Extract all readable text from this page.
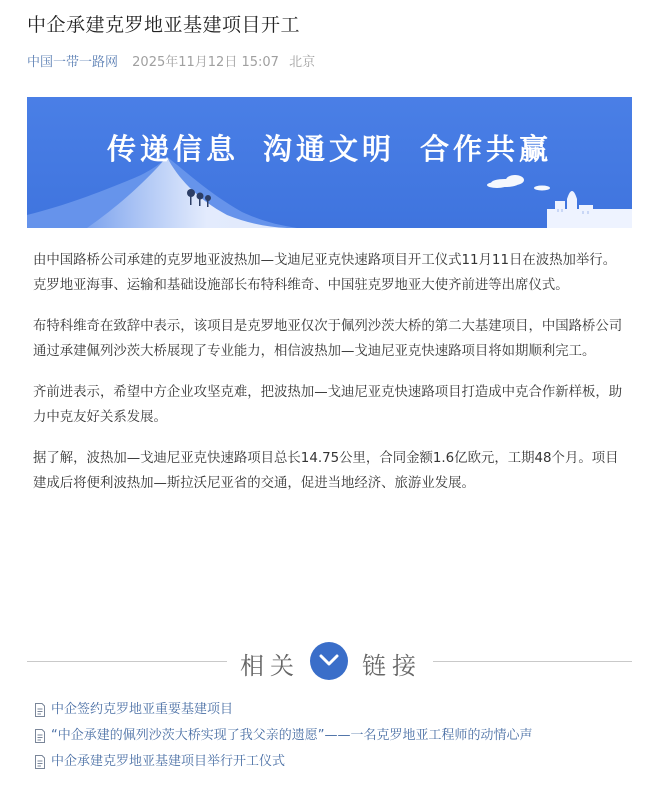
中企承建克罗地亚基建项目开工
中国一带一路网 2025年11月12日 15:07 北京
传递信息 沟通文明 合作共赢

由中国路桥公司承建的克罗地亚波热加—戈迪尼亚克快速路项目开工仪式11月11日在波热加举行。克罗地亚海事、运输和基础设施部长布特科维奇、中国驻克罗地亚大使齐前进等出席仪式。

布特科维奇在致辞中表示，该项目是克罗地亚仅次于佩列沙茨大桥的第二大基建项目，中国路桥公司通过承建佩列沙茨大桥展现了专业能力，相信波热加—戈迪尼亚克快速路项目将如期顺利完工。

齐前进表示，希望中方企业攻坚克难，把波热加—戈迪尼亚克快速路项目打造成中克合作新样板，助力中克友好关系发展。

据了解，波热加—戈迪尼亚克快速路项目总长14.75公里，合同金额1.6亿欧元，工期48个月。项目建成后将便利波热加—斯拉沃尼亚省的交通，促进当地经济、旅游业发展。

相关	链接
中企签约克罗地亚重要基建项目
“中企承建的佩列沙茨大桥实现了我父亲的遗愿”——一名克罗地亚工程师的动情心声
中企承建克罗地亚基建项目举行开工仪式
